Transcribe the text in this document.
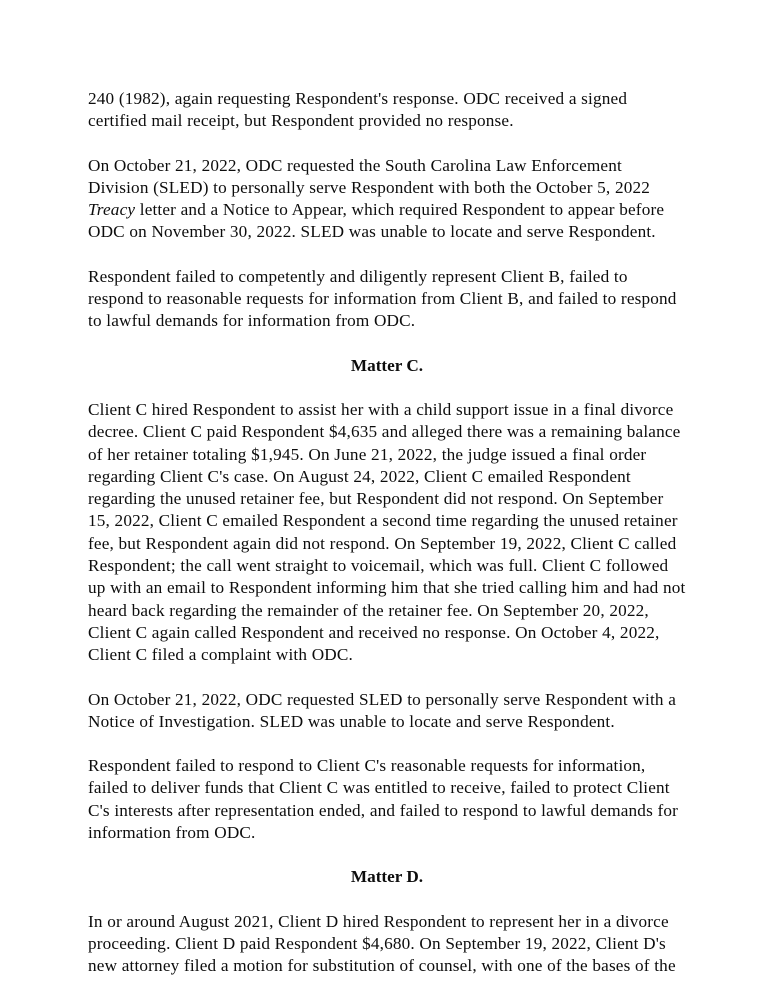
240 (1982), again requesting Respondent's response. ODC received a signed certified mail receipt, but Respondent provided no response.

On October 21, 2022, ODC requested the South Carolina Law Enforcement Division (SLED) to personally serve Respondent with both the October 5, 2022 Treacy letter and a Notice to Appear, which required Respondent to appear before ODC on November 30, 2022. SLED was unable to locate and serve Respondent.

Respondent failed to competently and diligently represent Client B, failed to respond to reasonable requests for information from Client B, and failed to respond to lawful demands for information from ODC.

Matter C.

Client C hired Respondent to assist her with a child support issue in a final divorce decree. Client C paid Respondent $4,635 and alleged there was a remaining balance of her retainer totaling $1,945. On June 21, 2022, the judge issued a final order regarding Client C's case. On August 24, 2022, Client C emailed Respondent regarding the unused retainer fee, but Respondent did not respond. On September 15, 2022, Client C emailed Respondent a second time regarding the unused retainer fee, but Respondent again did not respond. On September 19, 2022, Client C called Respondent; the call went straight to voicemail, which was full. Client C followed up with an email to Respondent informing him that she tried calling him and had not heard back regarding the remainder of the retainer fee. On September 20, 2022, Client C again called Respondent and received no response. On October 4, 2022, Client C filed a complaint with ODC.

On October 21, 2022, ODC requested SLED to personally serve Respondent with a Notice of Investigation. SLED was unable to locate and serve Respondent.

Respondent failed to respond to Client C's reasonable requests for information, failed to deliver funds that Client C was entitled to receive, failed to protect Client C's interests after representation ended, and failed to respond to lawful demands for information from ODC.

Matter D.

In or around August 2021, Client D hired Respondent to represent her in a divorce proceeding. Client D paid Respondent $4,680. On September 19, 2022, Client D's new attorney filed a motion for substitution of counsel, with one of the bases of the
